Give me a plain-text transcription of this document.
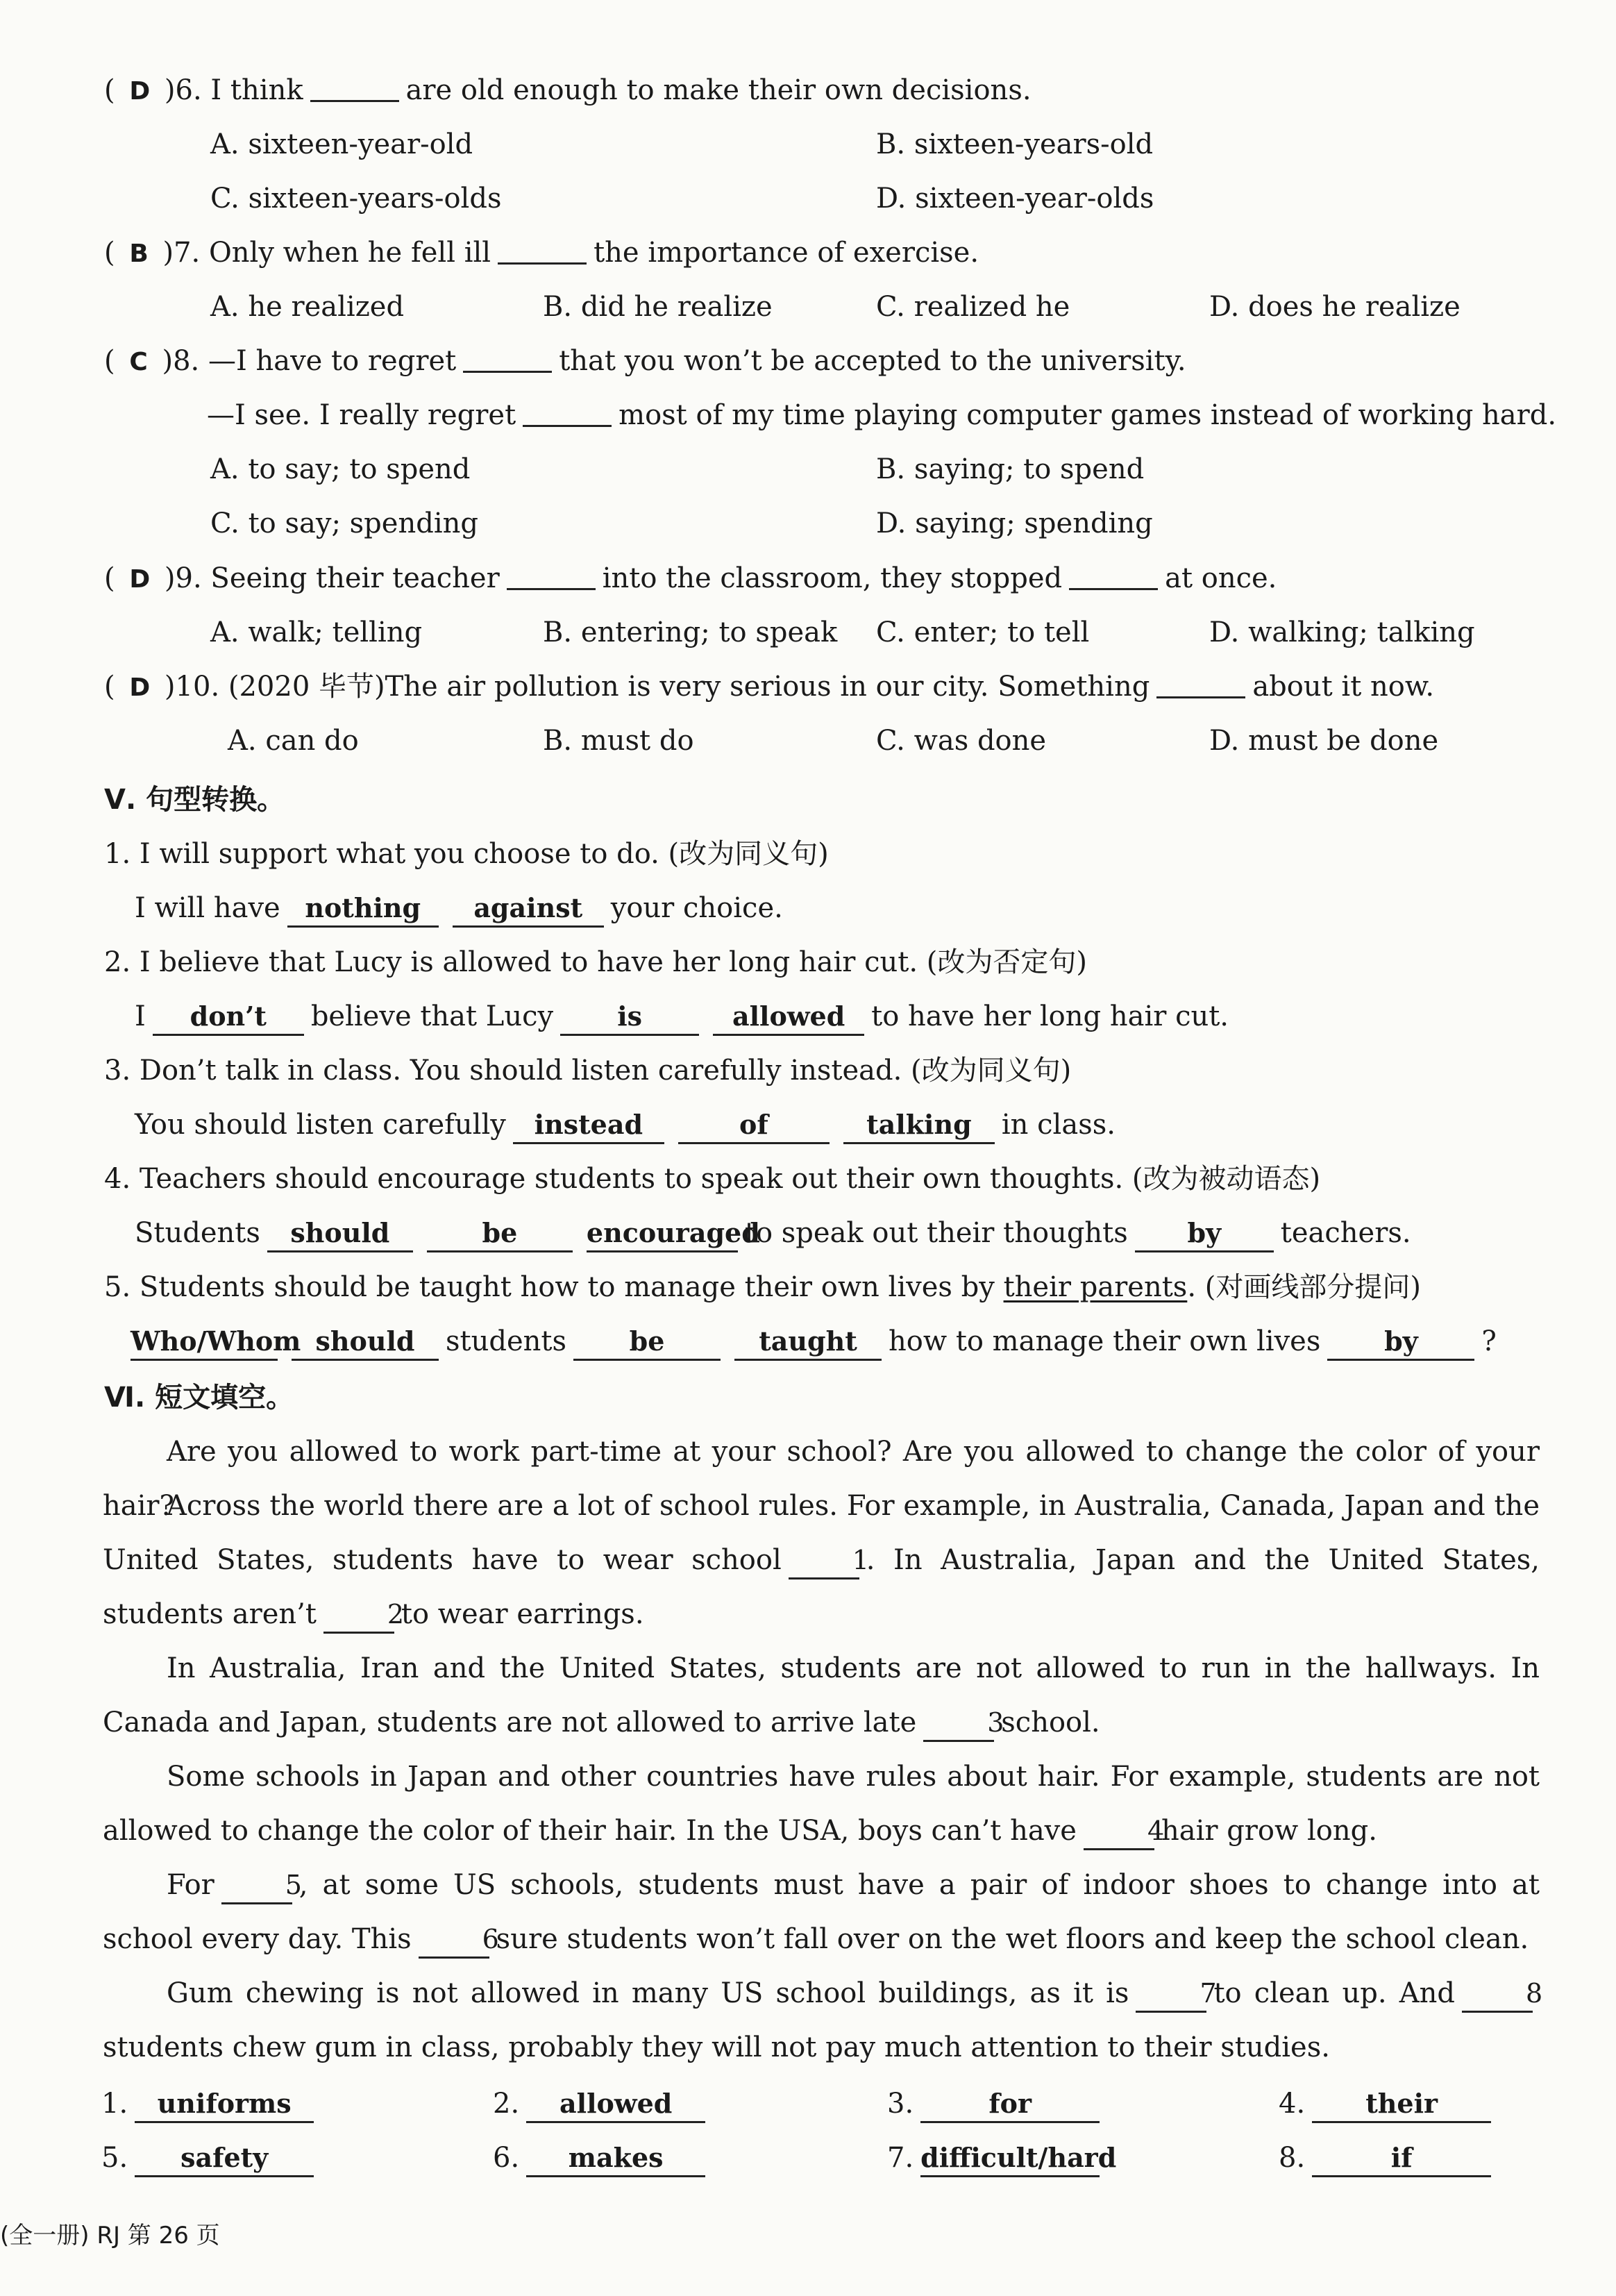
( D )6. I think	are old enough to make their own decisions.
A. sixteen-year-old	B. sixteen-years-old
C. sixteen-years-olds	D. sixteen-year-olds
( B )7. Only when he fell ill	the importance of exercise.
A. he realized	B. did he realize	C. realized he	D. does he realize
( C )8. —I have to regret	that you won’t be accepted to the university.
—I see. I really regret	most of my time playing computer games instead of working hard.
A. to say; to spend	B. saying; to spend
C. to say; spending	D. saying; spending
( D )9. Seeing their teacher	into the classroom, they stopped	at once.
A. walk; telling	B. entering; to speak C. enter; to tell	D. walking; talking
( D )10. (2020 毕节)The air pollution is very serious in our city. Something	about it now.
A. can do	B. must do	C. was done	D. must be done
Ⅴ. 句型转换。
1. I will support what you choose to do. (改为同义句)
I will have nothing against your choice.
2. I believe that Lucy is allowed to have her long hair cut. (改为否定句)
I don’t believe that Lucy is	allowed to have her long hair cut.
3. Don’t talk in class. You should listen carefully instead. (改为同义句)
You should listen carefully instead	of	talking in class.
4. Teachers should encourage students to speak out their own thoughts. (改为被动语态)
Students should	be	encouragedto speak out their thoughts by teachers.
5. Students should be taught how to manage their own lives by their parents. (对画线部分提问)
Who/Whom should students be	taught how to manage their own lives by ?
Ⅵ. 短文填空。
Are you allowed to work part-time at your school? Are you allowed to change the color of your hair?
Across the world there are a lot of school rules. For example, in Australia, Canada, Japan and the United States, students have to wear school	1. In Australia, Japan and the United States, students aren’t	2to wear earrings.
In Australia, Iran and the United States, students are not allowed to run in the hallways. In Canada and Japan, students are not allowed to arrive late	3school.
Some schools in Japan and other countries have rules about hair. For example, students are not allowed to change the color of their hair. In the USA, boys can’t have	4hair grow long.
For	5, at some US schools, students must have a pair of indoor shoes to change into at school every day. This	6sure students won’t fall over on the wet floors and keep the school clean.
Gum chewing is not allowed in many US school buildings, as it is	7to clean up. And	8students chew gum in class, probably they will not pay much attention to their studies.
1. uniforms	2. allowed	3.	for	4. their
5. safety	6. makes	7. difficult/hard	8.	if
(全一册) RJ 第 26 页
